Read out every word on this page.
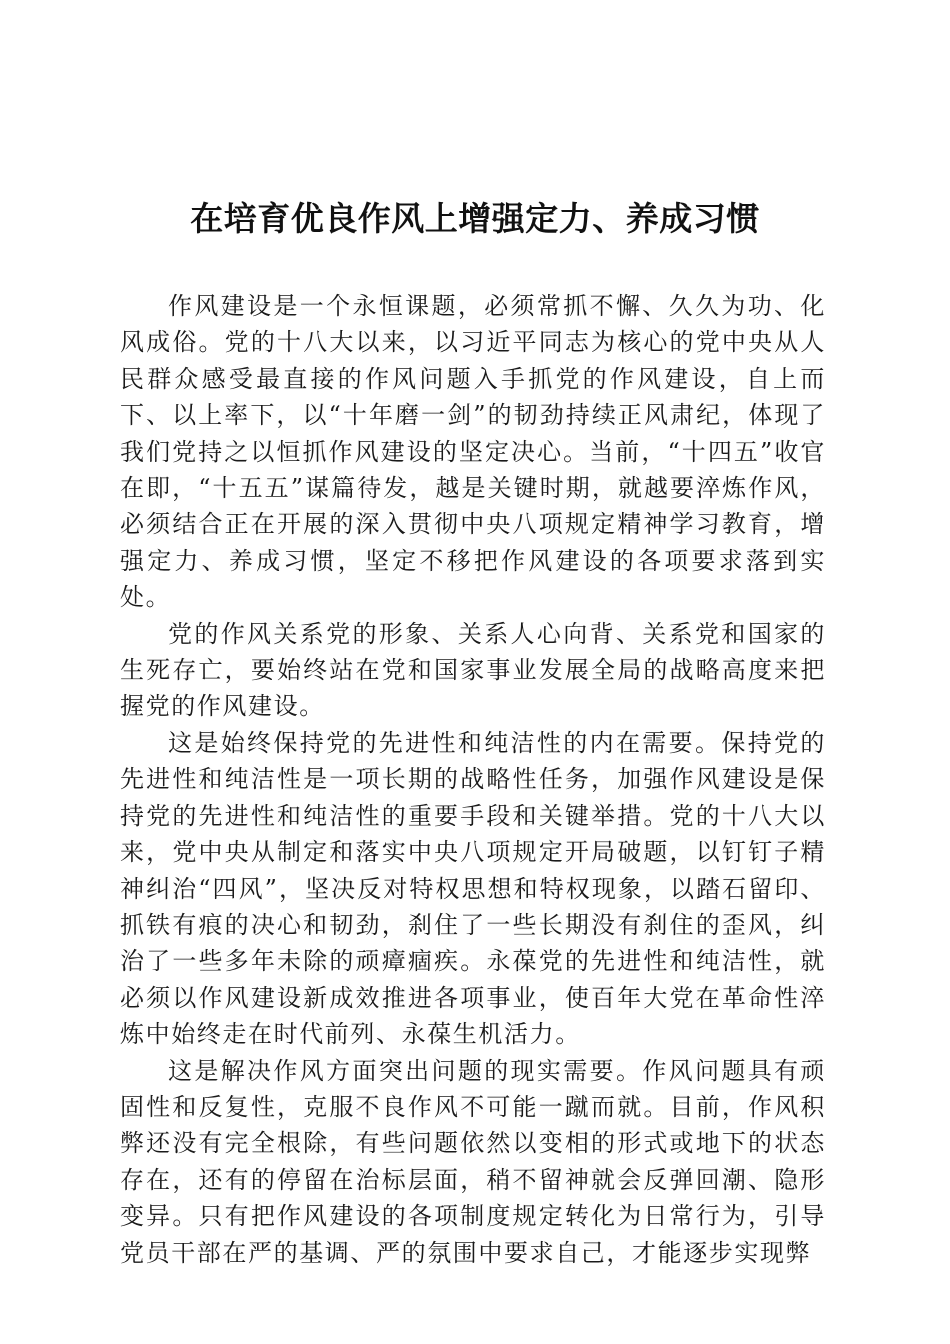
在培育优良作风上增强定力、养成习惯

作风建设是一个永恒课题，必须常抓不懈、久久为功、化风成俗。党的十八大以来，以习近平同志为核心的党中央从人民群众感受最直接的作风问题入手抓党的作风建设，自上而下、以上率下，以“十年磨一剑”的韧劲持续正风肃纪，体现了我们党持之以恒抓作风建设的坚定决心。当前，“十四五”收官在即，“十五五”谋篇待发，越是关键时期，就越要淬炼作风，必须结合正在开展的深入贯彻中央八项规定精神学习教育，增强定力、养成习惯，坚定不移把作风建设的各项要求落到实处。

党的作风关系党的形象、关系人心向背、关系党和国家的生死存亡，要始终站在党和国家事业发展全局的战略高度来把握党的作风建设。

这是始终保持党的先进性和纯洁性的内在需要。保持党的先进性和纯洁性是一项长期的战略性任务，加强作风建设是保持党的先进性和纯洁性的重要手段和关键举措。党的十八大以来，党中央从制定和落实中央八项规定开局破题，以钉钉子精神纠治“四风”，坚决反对特权思想和特权现象，以踏石留印、抓铁有痕的决心和韧劲，刹住了一些长期没有刹住的歪风，纠治了一些多年未除的顽瘴痼疾。永葆党的先进性和纯洁性，就必须以作风建设新成效推进各项事业，使百年大党在革命性淬炼中始终走在时代前列、永葆生机活力。

这是解决作风方面突出问题的现实需要。作风问题具有顽固性和反复性，克服不良作风不可能一蹴而就。目前，作风积弊还没有完全根除，有些问题依然以变相的形式或地下的状态存在，还有的停留在治标层面，稍不留神就会反弹回潮、隐形变异。只有把作风建设的各项制度规定转化为日常行为，引导党员干部在严的基调、严的氛围中要求自己，才能逐步实现弊
